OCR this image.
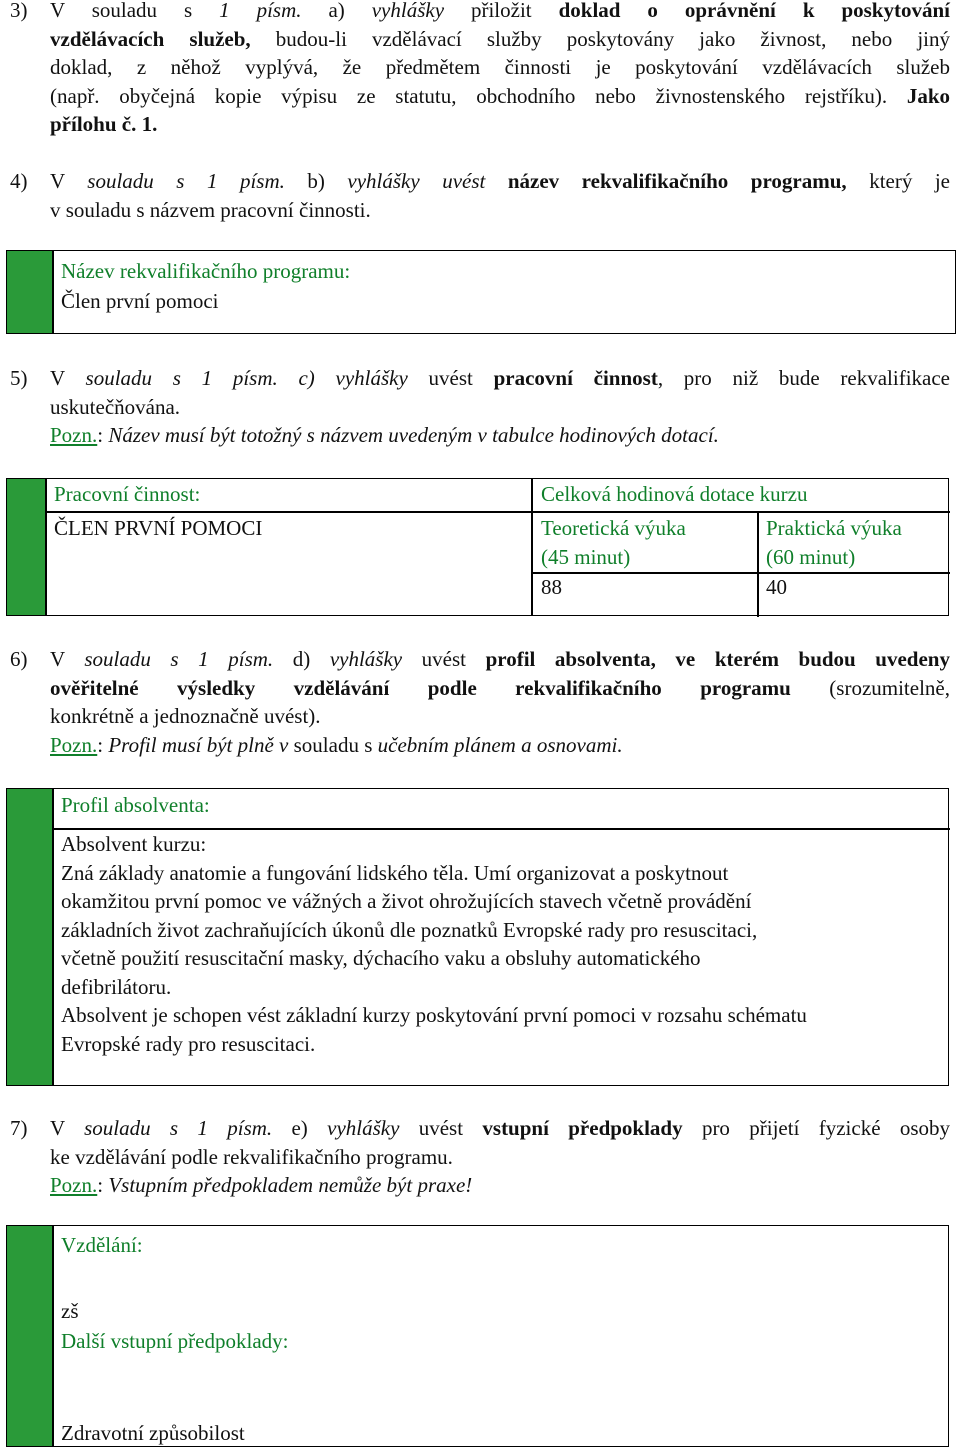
3) V souladu s 1 písm. a) vyhlášky přiložit doklad o oprávnění k poskytování
vzdělávacích služeb, budou-li vzdělávací služby poskytovány jako živnost, nebo jiný
doklad, z něhož vyplývá, že předmětem činnosti je poskytování vzdělávacích služeb
(např. obyčejná kopie výpisu ze statutu, obchodního nebo živnostenského rejstříku). Jako
přílohu č. 1.
4) V souladu s 1 písm. b) vyhlášky uvést název rekvalifikačního programu, který je
v souladu s názvem pracovní činnosti.
Název rekvalifikačního programu:
Člen první pomoci
5) V souladu s 1 písm. c) vyhlášky uvést pracovní činnost, pro niž bude rekvalifikace
uskutečňována.
Pozn.: Název musí být totožný s názvem uvedeným v tabulce hodinových dotací.
Pracovní činnost:
ČLEN PRVNÍ POMOCI
Celková hodinová dotace kurzu
Teoretická výuka
(45 minut)
Praktická výuka
(60 minut)
88	40
6) V souladu s 1 písm. d) vyhlášky uvést profil absolventa, ve kterém budou uvedeny
ověřitelné výsledky vzdělávání podle rekvalifikačního programu (srozumitelně,
konkrétně a jednoznačně uvést).
Pozn.: Profil musí být plně v souladu s učebním plánem a osnovami.
Profil absolventa:
Absolvent kurzu:
Zná základy anatomie a fungování lidského těla. Umí organizovat a poskytnout
okamžitou první pomoc ve vážných a život ohrožujících stavech včetně provádění
základních život zachraňujících úkonů dle poznatků Evropské rady pro resuscitaci,
včetně použití resuscitační masky, dýchacího vaku a obsluhy automatického
defibrilátoru.
Absolvent je schopen vést základní kurzy poskytování první pomoci v rozsahu schématu
Evropské rady pro resuscitaci.
7) V souladu s 1 písm. e) vyhlášky uvést vstupní předpoklady pro přijetí fyzické osoby
ke vzdělávání podle rekvalifikačního programu.
Pozn.: Vstupním předpokladem nemůže být praxe!
Vzdělání:
zš
Další vstupní předpoklady:
Zdravotní způsobilost
